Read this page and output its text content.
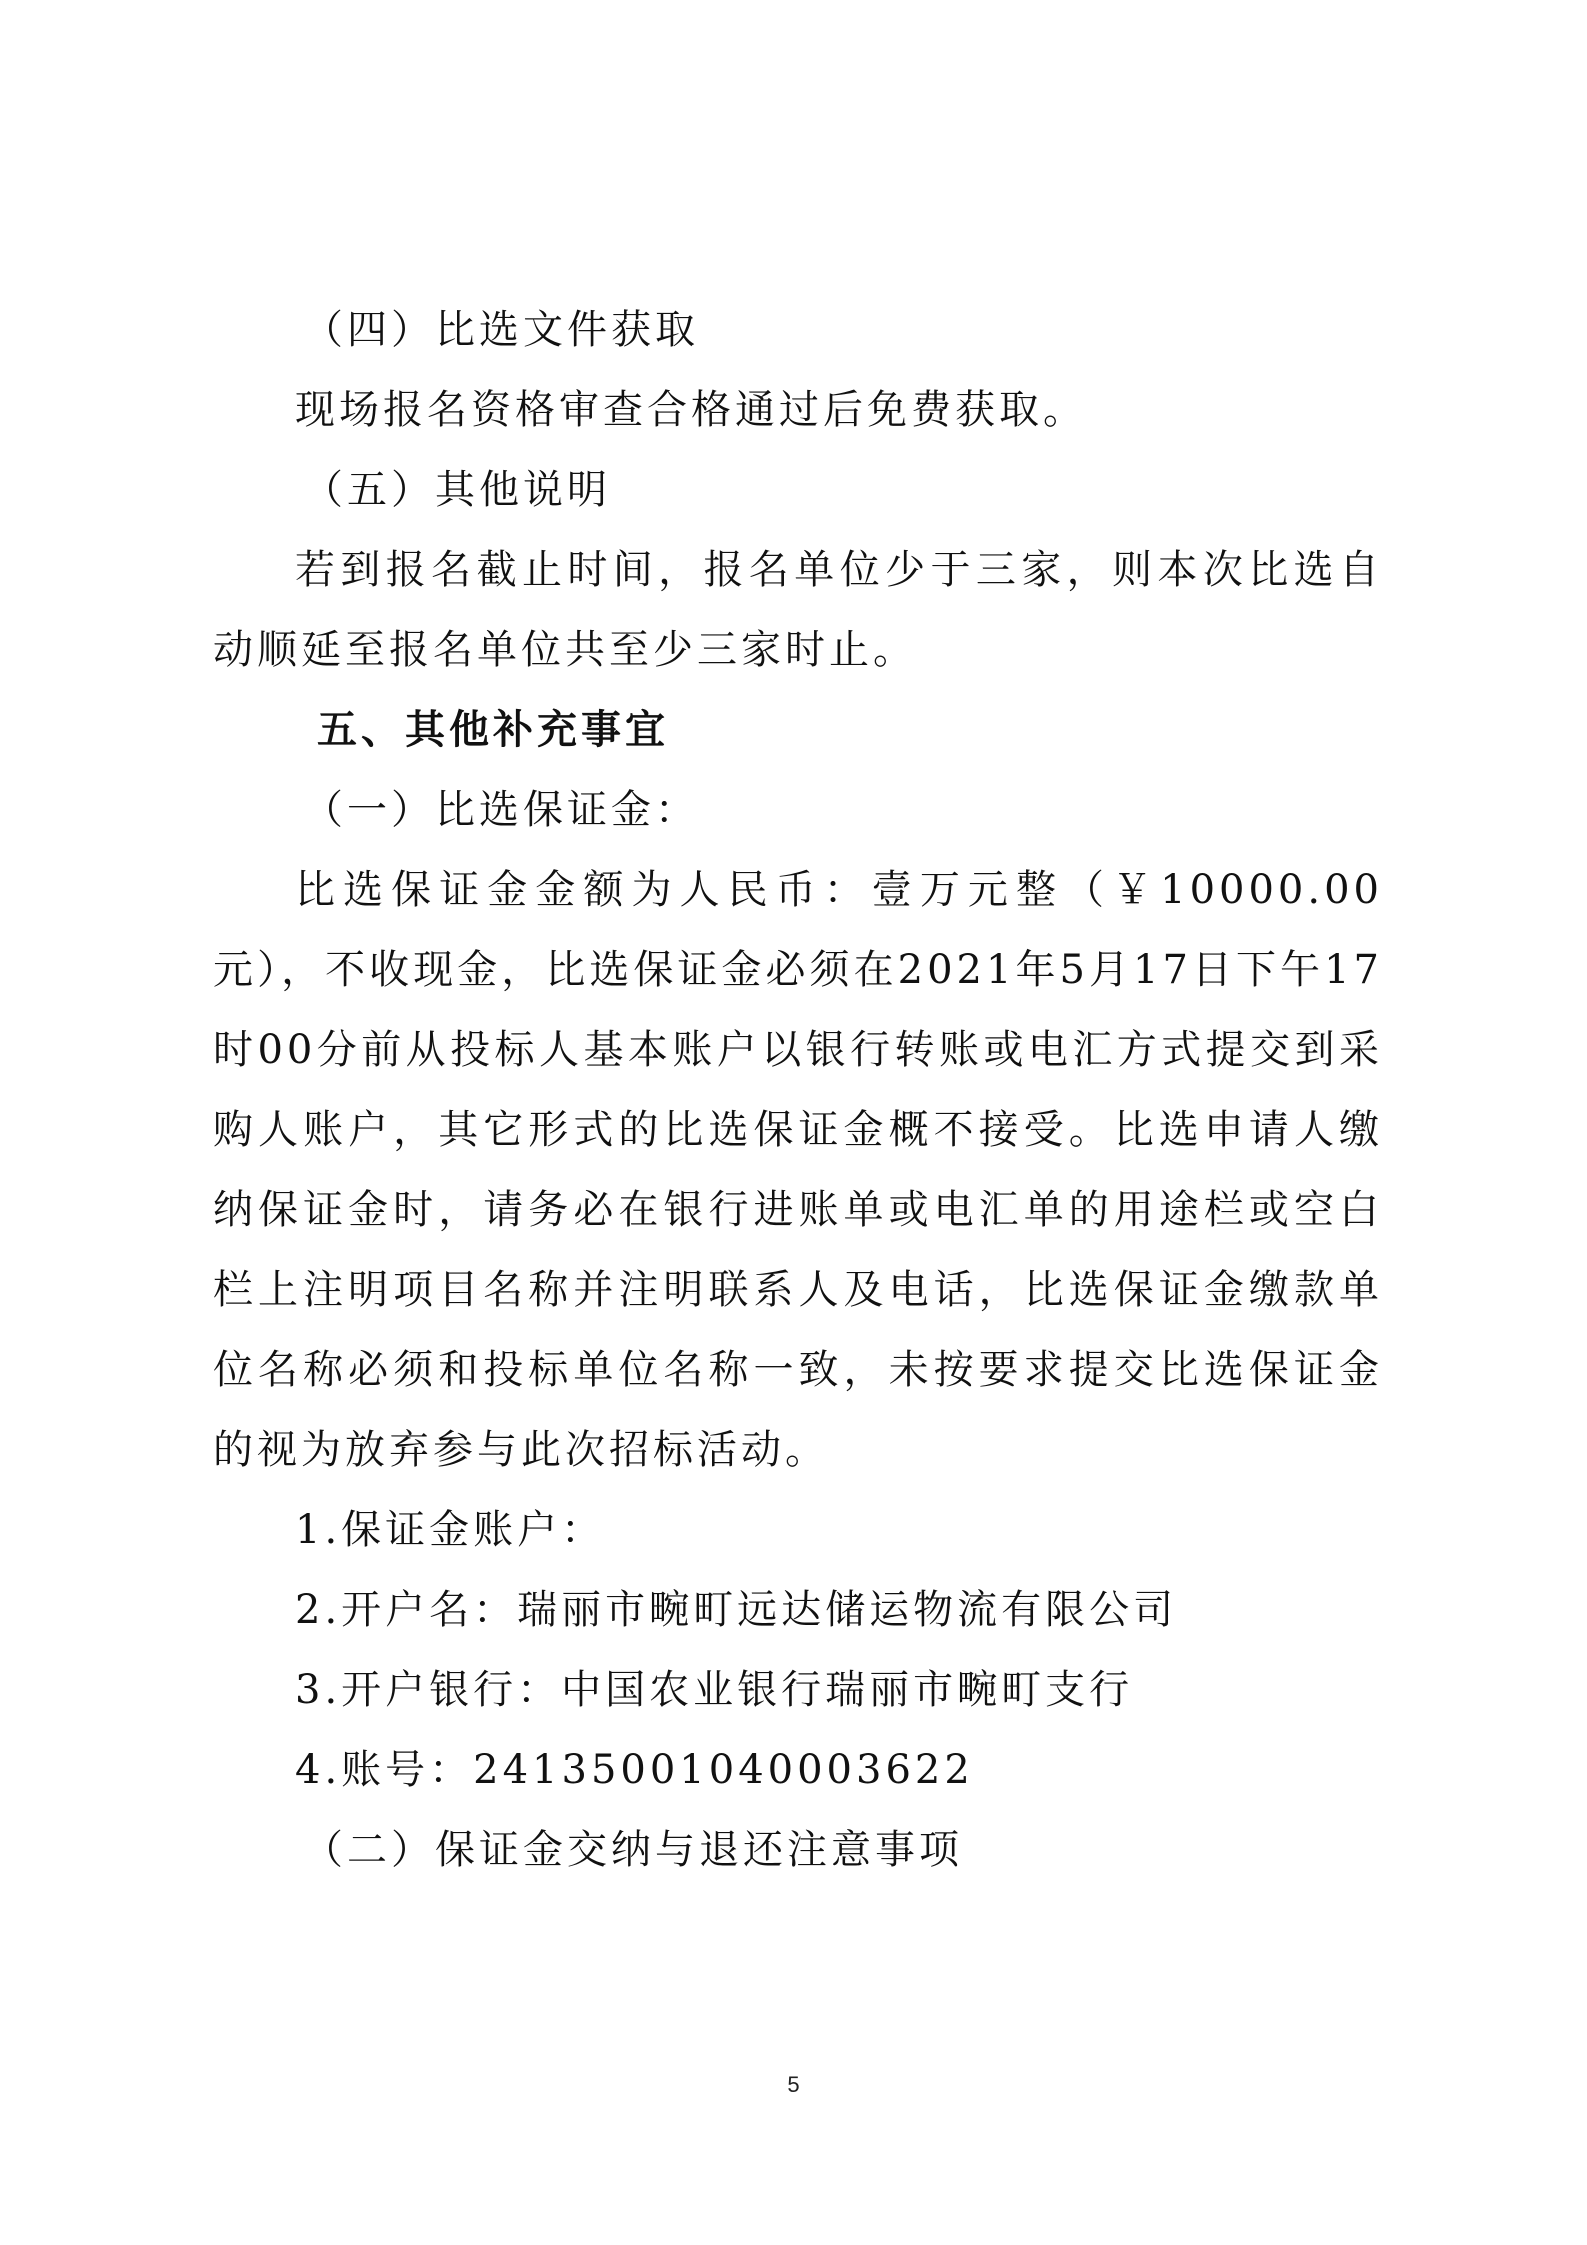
（四）比选文件获取
现场报名资格审查合格通过后免费获取。
（五）其他说明
若到报名截止时间，报名单位少于三家，则本次比选自动顺延至报名单位共至少三家时止。
五、其他补充事宜
（一）比选保证金：
比选保证金金额为人民币：壹万元整（￥10000.00元），不收现金，比选保证金必须在2021年5月17日下午17时00分前从投标人基本账户以银行转账或电汇方式提交到采购人账户，其它形式的比选保证金概不接受。比选申请人缴纳保证金时，请务必在银行进账单或电汇单的用途栏或空白栏上注明项目名称并注明联系人及电话，比选保证金缴款单位名称必须和投标单位名称一致，未按要求提交比选保证金的视为放弃参与此次招标活动。
1.保证金账户：
2.开户名：瑞丽市畹町远达储运物流有限公司
3.开户银行：中国农业银行瑞丽市畹町支行
4.账号：24135001040003622
（二）保证金交纳与退还注意事项
5
